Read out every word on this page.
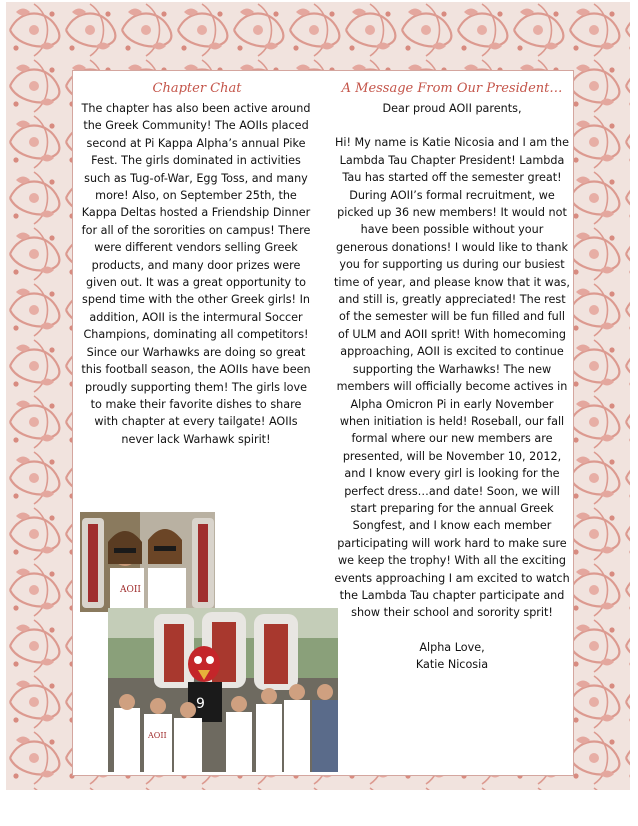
Chapter Chat

The chapter has also been active around the Greek Community! The AOIIs placed second at Pi Kappa Alpha’s annual Pike Fest. The girls dominated in activities such as Tug-of-War, Egg Toss, and many more! Also, on September 25th, the Kappa Deltas hosted a Friendship Dinner for all of the sororities on campus! There were different vendors selling Greek products, and many door prizes were given out. It was a great opportunity to spend time with the other Greek girls! In addition, AOII is the intermural Soccer Champions, dominating all competitors!

Since our Warhawks are doing so great this football season, the AOIIs have been proudly supporting them! The girls love to make their favorite dishes to share with chapter at every tailgate! AOIIs never lack Warhawk spirit!

A Message From Our President…

Dear proud AOII parents,

Hi! My name is Katie Nicosia and I am the Lambda Tau Chapter President! Lambda Tau has started off the semester great! During AOII’s formal recruitment, we picked up 36 new members! It would not have been possible without your generous donations! I would like to thank you for supporting us during our busiest time of year, and please know that it was, and still is, greatly appreciated! The rest of the semester will be fun filled and full of ULM and AOII sprit! With homecoming approaching, AOII is excited to continue supporting the Warhawks! The new members will officially become actives in Alpha Omicron Pi in early November when initiation is held! Roseball, our fall formal where our new members are presented, will be November 10, 2012, and I know every girl is looking for the perfect dress…and date! Soon, we will start preparing for the annual Greek Songfest, and I know each member participating will work hard to make sure we keep the trophy! With all the exciting events approaching I am excited to watch the Lambda Tau chapter participate and show their school and sorority sprit!

Alpha Love,

Katie Nicosia

AOII
9
AOII
